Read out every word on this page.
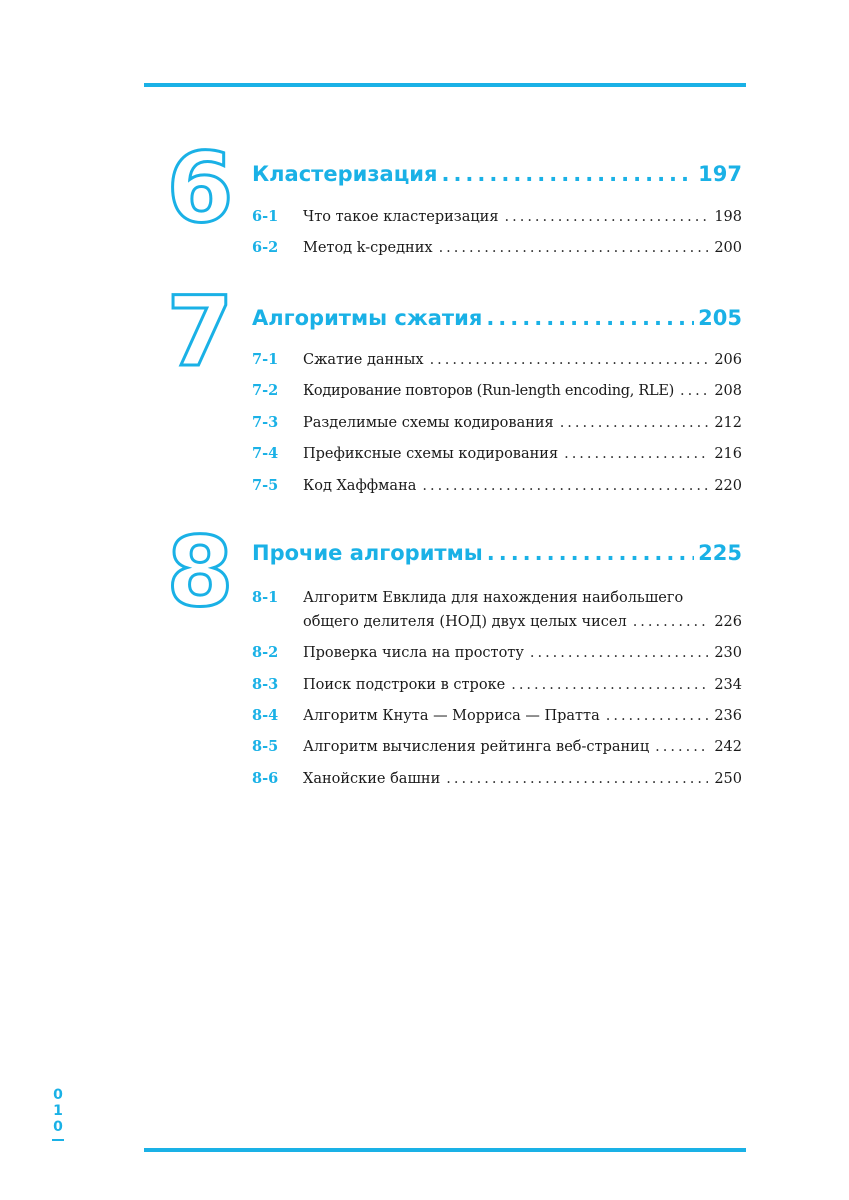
6 Кластеризация .....	197
6-1	Что такое кластеризация .....	198
6-2	Метод k-средних .....	200
7 Алгоритмы сжатия .....	205
7-1	Сжатие данных .....	206
7-2	Кодирование повторов (Run-length encoding, RLE) .....	208
7-3	Разделимые схемы кодирования .....	212
7-4	Префиксные схемы кодирования .....	216
7-5	Код Хаффмана .....	220
8 Прочие алгоритмы .....	225
8-1	Алгоритм Евклида для нахождения наибольшего
общего делителя (НОД) двух целых чисел .....	226
8-2	Проверка числа на простоту .....	230
8-3	Поиск подстроки в строке .....	234
8-4	Алгоритм Кнута — Морриса — Пратта .....	236
8-5	Алгоритм вычисления рейтинга веб-страниц .....	242
8-6	Ханойские башни .....	250
0
1
0
